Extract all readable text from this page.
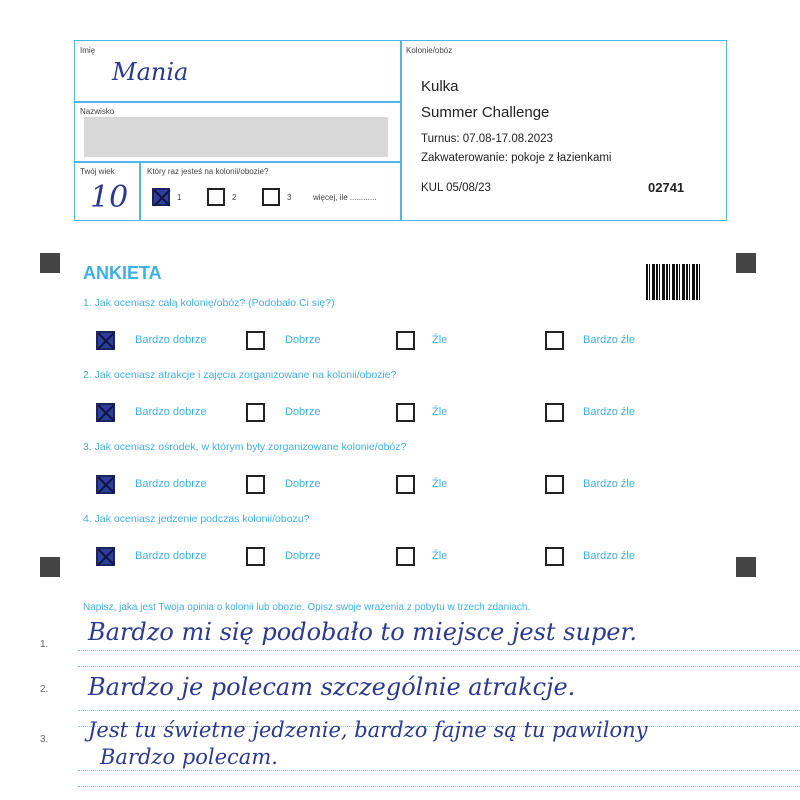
Imię
Mania
Nazwisko
Twój wiek
10
Który raz jesteś na kolonii/obozie?
1	2	3	więcej, ile ............
Kolonie/obóz
Kulka
Summer Challenge
Turnus: 07.08-17.08.2023
Zakwaterowanie: pokoje z łazienkami
KUL 05/08/23	02741
ANKIETA
1. Jak oceniasz całą kolonię/obóz? (Podobało Ci się?)
Bardzo dobrze	Dobrze	Źle	Bardzo źle
2. Jak oceniasz atrakcje i zajęcia zorganizowane na kolonii/obozie?
Bardzo dobrze	Dobrze	Źle	Bardzo źle
3. Jak oceniasz ośrodek, w którym były zorganizowane kolonie/obóz?
Bardzo dobrze	Dobrze	Źle	Bardzo źle
4. Jak oceniasz jedzenie podczas kolonii/obozu?
Bardzo dobrze	Dobrze	Źle	Bardzo źle
Napisz, jaka jest Twoja opinia o kolonii lub obozie. Opisz swoje wrażenia z pobytu w trzech zdaniach.
1.
2.
3.
Bardzo mi się podobało to miejsce jest super.
Bardzo je polecam szczególnie atrakcje.
Jest tu świetne jedzenie, bardzo fajne są tu pawilony
Bardzo polecam.
